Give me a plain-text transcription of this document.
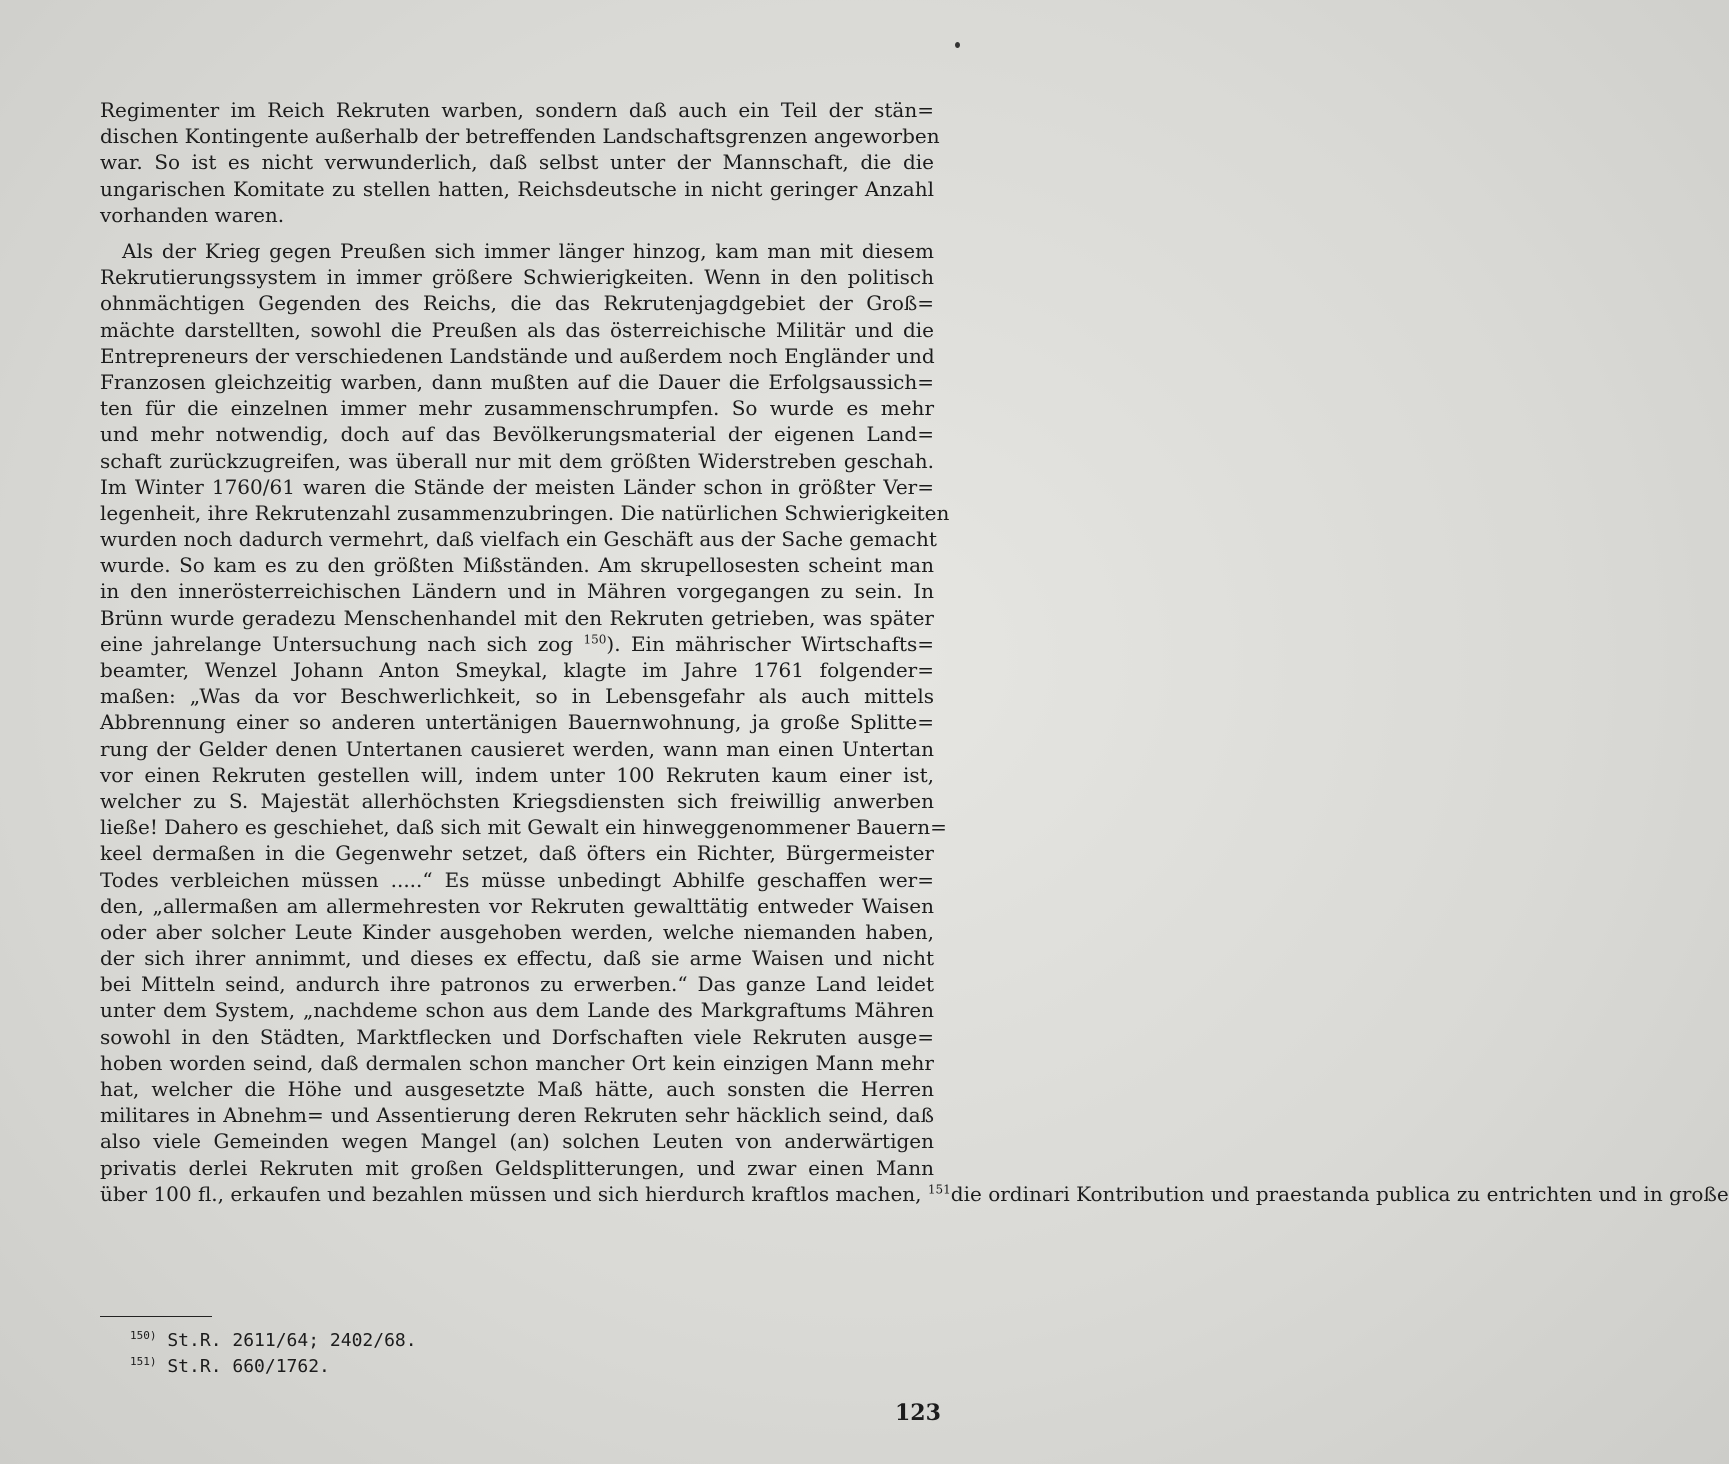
Regimenter im Reich Rekruten warben, sondern daß auch ein Teil der stän=
dischen Kontingente außerhalb der betreffenden Landschaftsgrenzen angeworben
war. So ist es nicht verwunderlich, daß selbst unter der Mannschaft, die die
ungarischen Komitate zu stellen hatten, Reichsdeutsche in nicht geringer Anzahl
vorhanden waren.
Als der Krieg gegen Preußen sich immer länger hinzog, kam man mit diesem
Rekrutierungssystem in immer größere Schwierigkeiten. Wenn in den politisch
ohnmächtigen Gegenden des Reichs, die das Rekrutenjagdgebiet der Groß=
mächte darstellten, sowohl die Preußen als das österreichische Militär und die
Entrepreneurs der verschiedenen Landstände und außerdem noch Engländer und
Franzosen gleichzeitig warben, dann mußten auf die Dauer die Erfolgsaussich=
ten für die einzelnen immer mehr zusammenschrumpfen. So wurde es mehr
und mehr notwendig, doch auf das Bevölkerungsmaterial der eigenen Land=
schaft zurückzugreifen, was überall nur mit dem größten Widerstreben geschah.
Im Winter 1760/61 waren die Stände der meisten Länder schon in größter Ver=
legenheit, ihre Rekrutenzahl zusammenzubringen. Die natürlichen Schwierigkeiten
wurden noch dadurch vermehrt, daß vielfach ein Geschäft aus der Sache gemacht
wurde. So kam es zu den größten Mißständen. Am skrupellosesten scheint man
in den innerösterreichischen Ländern und in Mähren vorgegangen zu sein. In
Brünn wurde geradezu Menschenhandel mit den Rekruten getrieben, was später
eine jahrelange Untersuchung nach sich zog $^{150}$). Ein mährischer Wirtschafts=
beamter, Wenzel Johann Anton Smeykal, klagte im Jahre 1761 folgender=
maßen: „Was da vor Beschwerlichkeit, so in Lebensgefahr als auch mittels
Abbrennung einer so anderen untertänigen Bauernwohnung, ja große Splitte=
rung der Gelder denen Untertanen causieret werden, wann man einen Untertan
vor einen Rekruten gestellen will, indem unter 100 Rekruten kaum einer ist,
welcher zu S. Majestät allerhöchsten Kriegsdiensten sich freiwillig anwerben
ließe! Dahero es geschiehet, daß sich mit Gewalt ein hinweggenommener Bauern=
keel dermaßen in die Gegenwehr setzet, daß öfters ein Richter, Bürgermeister
Todes verbleichen müssen .....“ Es müsse unbedingt Abhilfe geschaffen wer=
den, „allermaßen am allermehresten vor Rekruten gewalttätig entweder Waisen
oder aber solcher Leute Kinder ausgehoben werden, welche niemanden haben,
der sich ihrer annimmt, und dieses ex effectu, daß sie arme Waisen und nicht
bei Mitteln seind, andurch ihre patronos zu erwerben.“ Das ganze Land leidet
unter dem System, „nachdeme schon aus dem Lande des Markgraftums Mähren
sowohl in den Städten, Marktflecken und Dorfschaften viele Rekruten ausge=
hoben worden seind, daß dermalen schon mancher Ort kein einzigen Mann mehr
hat, welcher die Höhe und ausgesetzte Maß hätte, auch sonsten die Herren
militares in Abnehm= und Assentierung deren Rekruten sehr häcklich seind, daß
also viele Gemeinden wegen Mangel (an) solchen Leuten von anderwärtigen
privatis derlei Rekruten mit großen Geldsplitterungen, und zwar einen Mann
über 100 fl., erkaufen und bezahlen müssen und sich hierdurch kraftlos machen, $^{151}$die ordinari Kontribution und praestanda publica zu entrichten und in große
$^{150)}$ St.R. 2611/64; 2402/68.
$^{151)}$ St.R. 660/1762.
123
